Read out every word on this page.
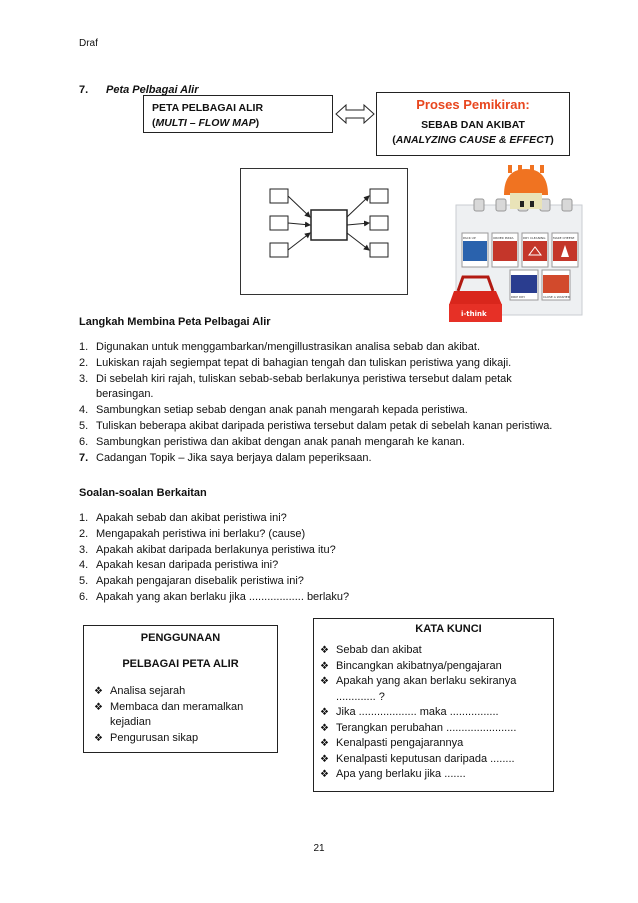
Draf
7. Peta Pelbagai Alir
PETA PELBAGAI ALIR
(MULTI – FLOW MAP)
Proses Pemikiran:
SEBAB DAN AKIBAT
(ANALYZING CAUSE & EFFECT)
PACK UP	ORDER PIZZA	DRY CLEANING	MAKE CHEESE
DRIP DRY	CLOSE A WASHER
i-think
Langkah Membina Peta Pelbagai Alir
1. Digunakan untuk menggambarkan/mengillustrasikan analisa sebab dan akibat.
2. Lukiskan rajah segiempat tepat di bahagian tengah dan tuliskan peristiwa yang dikaji.
3. Di sebelah kiri rajah, tuliskan sebab-sebab berlakunya peristiwa tersebut dalam petak berasingan.
4. Sambungkan setiap sebab dengan anak panah mengarah kepada peristiwa.
5. Tuliskan beberapa akibat daripada peristiwa tersebut dalam petak di sebelah kanan peristiwa.
6. Sambungkan peristiwa dan akibat dengan anak panah mengarah ke kanan.
7. Cadangan Topik – Jika saya berjaya dalam peperiksaan.
Soalan-soalan Berkaitan
1. Apakah sebab dan akibat peristiwa ini?
2. Mengapakah peristiwa ini berlaku? (cause)
3. Apakah akibat daripada berlakunya peristiwa itu?
4. Apakah kesan daripada peristiwa ini?
5. Apakah pengajaran disebalik peristiwa ini?
6. Apakah yang akan berlaku jika .................. berlaku?
PENGGUNAAN
PELBAGAI PETA ALIR
❖ Analisa sejarah
❖ Membaca dan meramalkan kejadian
❖ Pengurusan sikap
KATA KUNCI
❖ Sebab dan akibat
❖ Bincangkan akibatnya/pengajaran
❖ Apakah yang akan berlaku sekiranya ............. ?
❖ Jika ................... maka ................
❖ Terangkan perubahan .......................
❖ Kenalpasti pengajarannya
❖ Kenalpasti keputusan daripada ........
❖ Apa yang berlaku jika .......
21
